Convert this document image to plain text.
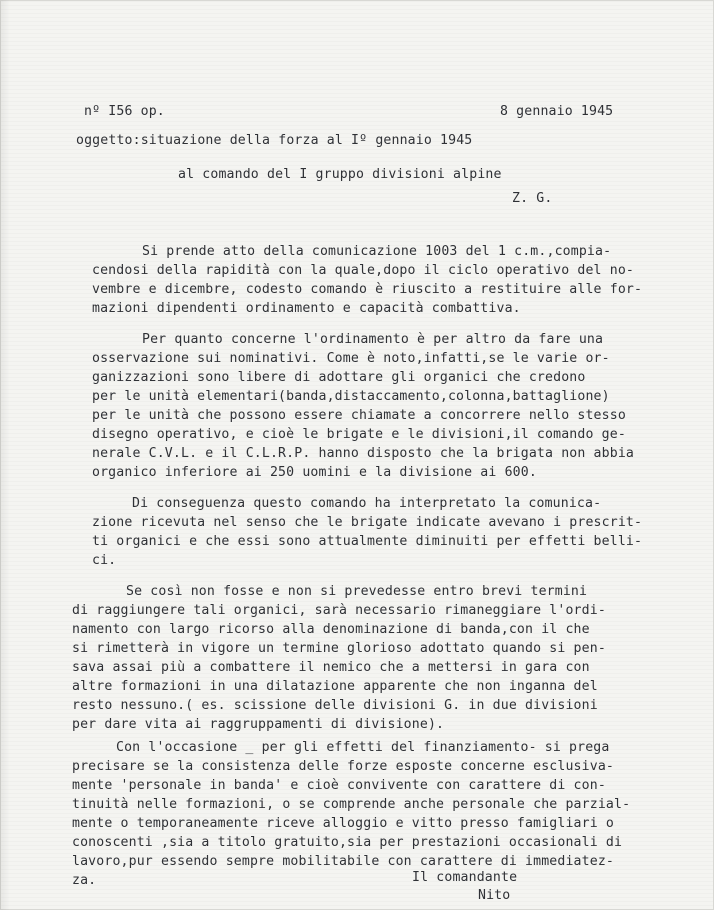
nº I56 op.	8 gennaio 1945
oggetto:situazione della forza al Iº gennaio 1945
al comando del I gruppo divisioni alpine
Z. G.
Si prende atto della comunicazione 1003 del 1 c.m.,compia-
cendosi della rapidità con la quale,dopo il ciclo operativo del no-
vembre e dicembre, codesto comando è riuscito a restituire alle for-
mazioni dipendenti ordinamento e capacità combattiva.
Per quanto concerne l'ordinamento è per altro da fare una
osservazione sui nominativi. Come è noto,infatti,se le varie or-
ganizzazioni sono libere di adottare gli organici che credono
per le unità elementari(banda,distaccamento,colonna,battaglione)
per le unità che possono essere chiamate a concorrere nello stesso
disegno operativo, e cioè le brigate e le divisioni,il comando ge-
nerale C.V.L. e il C.L.R.P. hanno disposto che la brigata non abbia
organico inferiore ai 250 uomini e la divisione ai 600.
Di conseguenza questo comando ha interpretato la comunica-
zione ricevuta nel senso che le brigate indicate avevano i prescrit-
ti organici e che essi sono attualmente diminuiti per effetti belli-
ci.
Se così non fosse e non si prevedesse entro brevi termini
di raggiungere tali organici, sarà necessario rimaneggiare l'ordi-
namento con largo ricorso alla denominazione di banda,con il che
si rimetterà in vigore un termine glorioso adottato quando si pen-
sava assai più a combattere il nemico che a mettersi in gara con
altre formazioni in una dilatazione apparente che non inganna del
resto nessuno.( es. scissione delle divisioni G. in due divisioni
per dare vita ai raggruppamenti di divisione).
Con l'occasione _ per gli effetti del finanziamento- si prega
precisare se la consistenza delle forze esposte concerne esclusiva-
mente 'personale in banda' e cioè convivente con carattere di con-
tinuità nelle formazioni, o se comprende anche personale che parzial-
mente o temporaneamente riceve alloggio e vitto presso famigliari o
conoscenti ,sia a titolo gratuito,sia per prestazioni occasionali di
lavoro,pur essendo sempre mobilitabile con carattere di immediatez-
za.	Il comandante
Nito
